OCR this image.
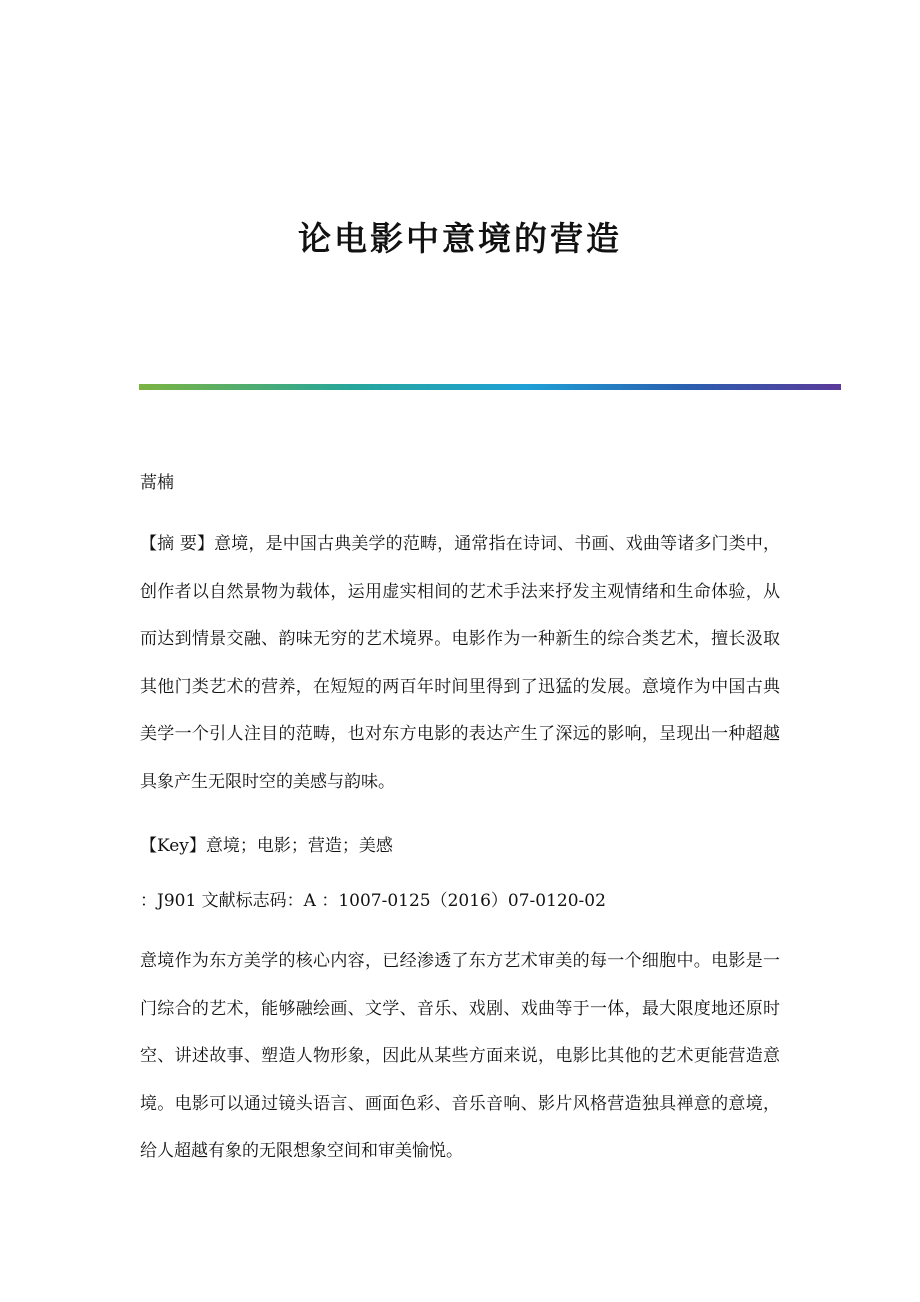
论电影中意境的营造
蒿楠
【摘 要】意境，是中国古典美学的范畴，通常指在诗词、书画、戏曲等诸多门类中，创作者以自然景物为载体，运用虚实相间的艺术手法来抒发主观情绪和生命体验，从而达到情景交融、韵味无穷的艺术境界。电影作为一种新生的综合类艺术，擅长汲取其他门类艺术的营养，在短短的两百年时间里得到了迅猛的发展。意境作为中国古典美学一个引人注目的范畴，也对东方电影的表达产生了深远的影响，呈现出一种超越具象产生无限时空的美感与韵味。
【Key】意境；电影；营造；美感
：J901 文献标志码：A ：1007-0125（2016）07-0120-02
意境作为东方美学的核心内容，已经渗透了东方艺术审美的每一个细胞中。电影是一门综合的艺术，能够融绘画、文学、音乐、戏剧、戏曲等于一体，最大限度地还原时空、讲述故事、塑造人物形象，因此从某些方面来说，电影比其他的艺术更能营造意境。电影可以通过镜头语言、画面色彩、音乐音响、影片风格营造独具禅意的意境，给人超越有象的无限想象空间和审美愉悦。
